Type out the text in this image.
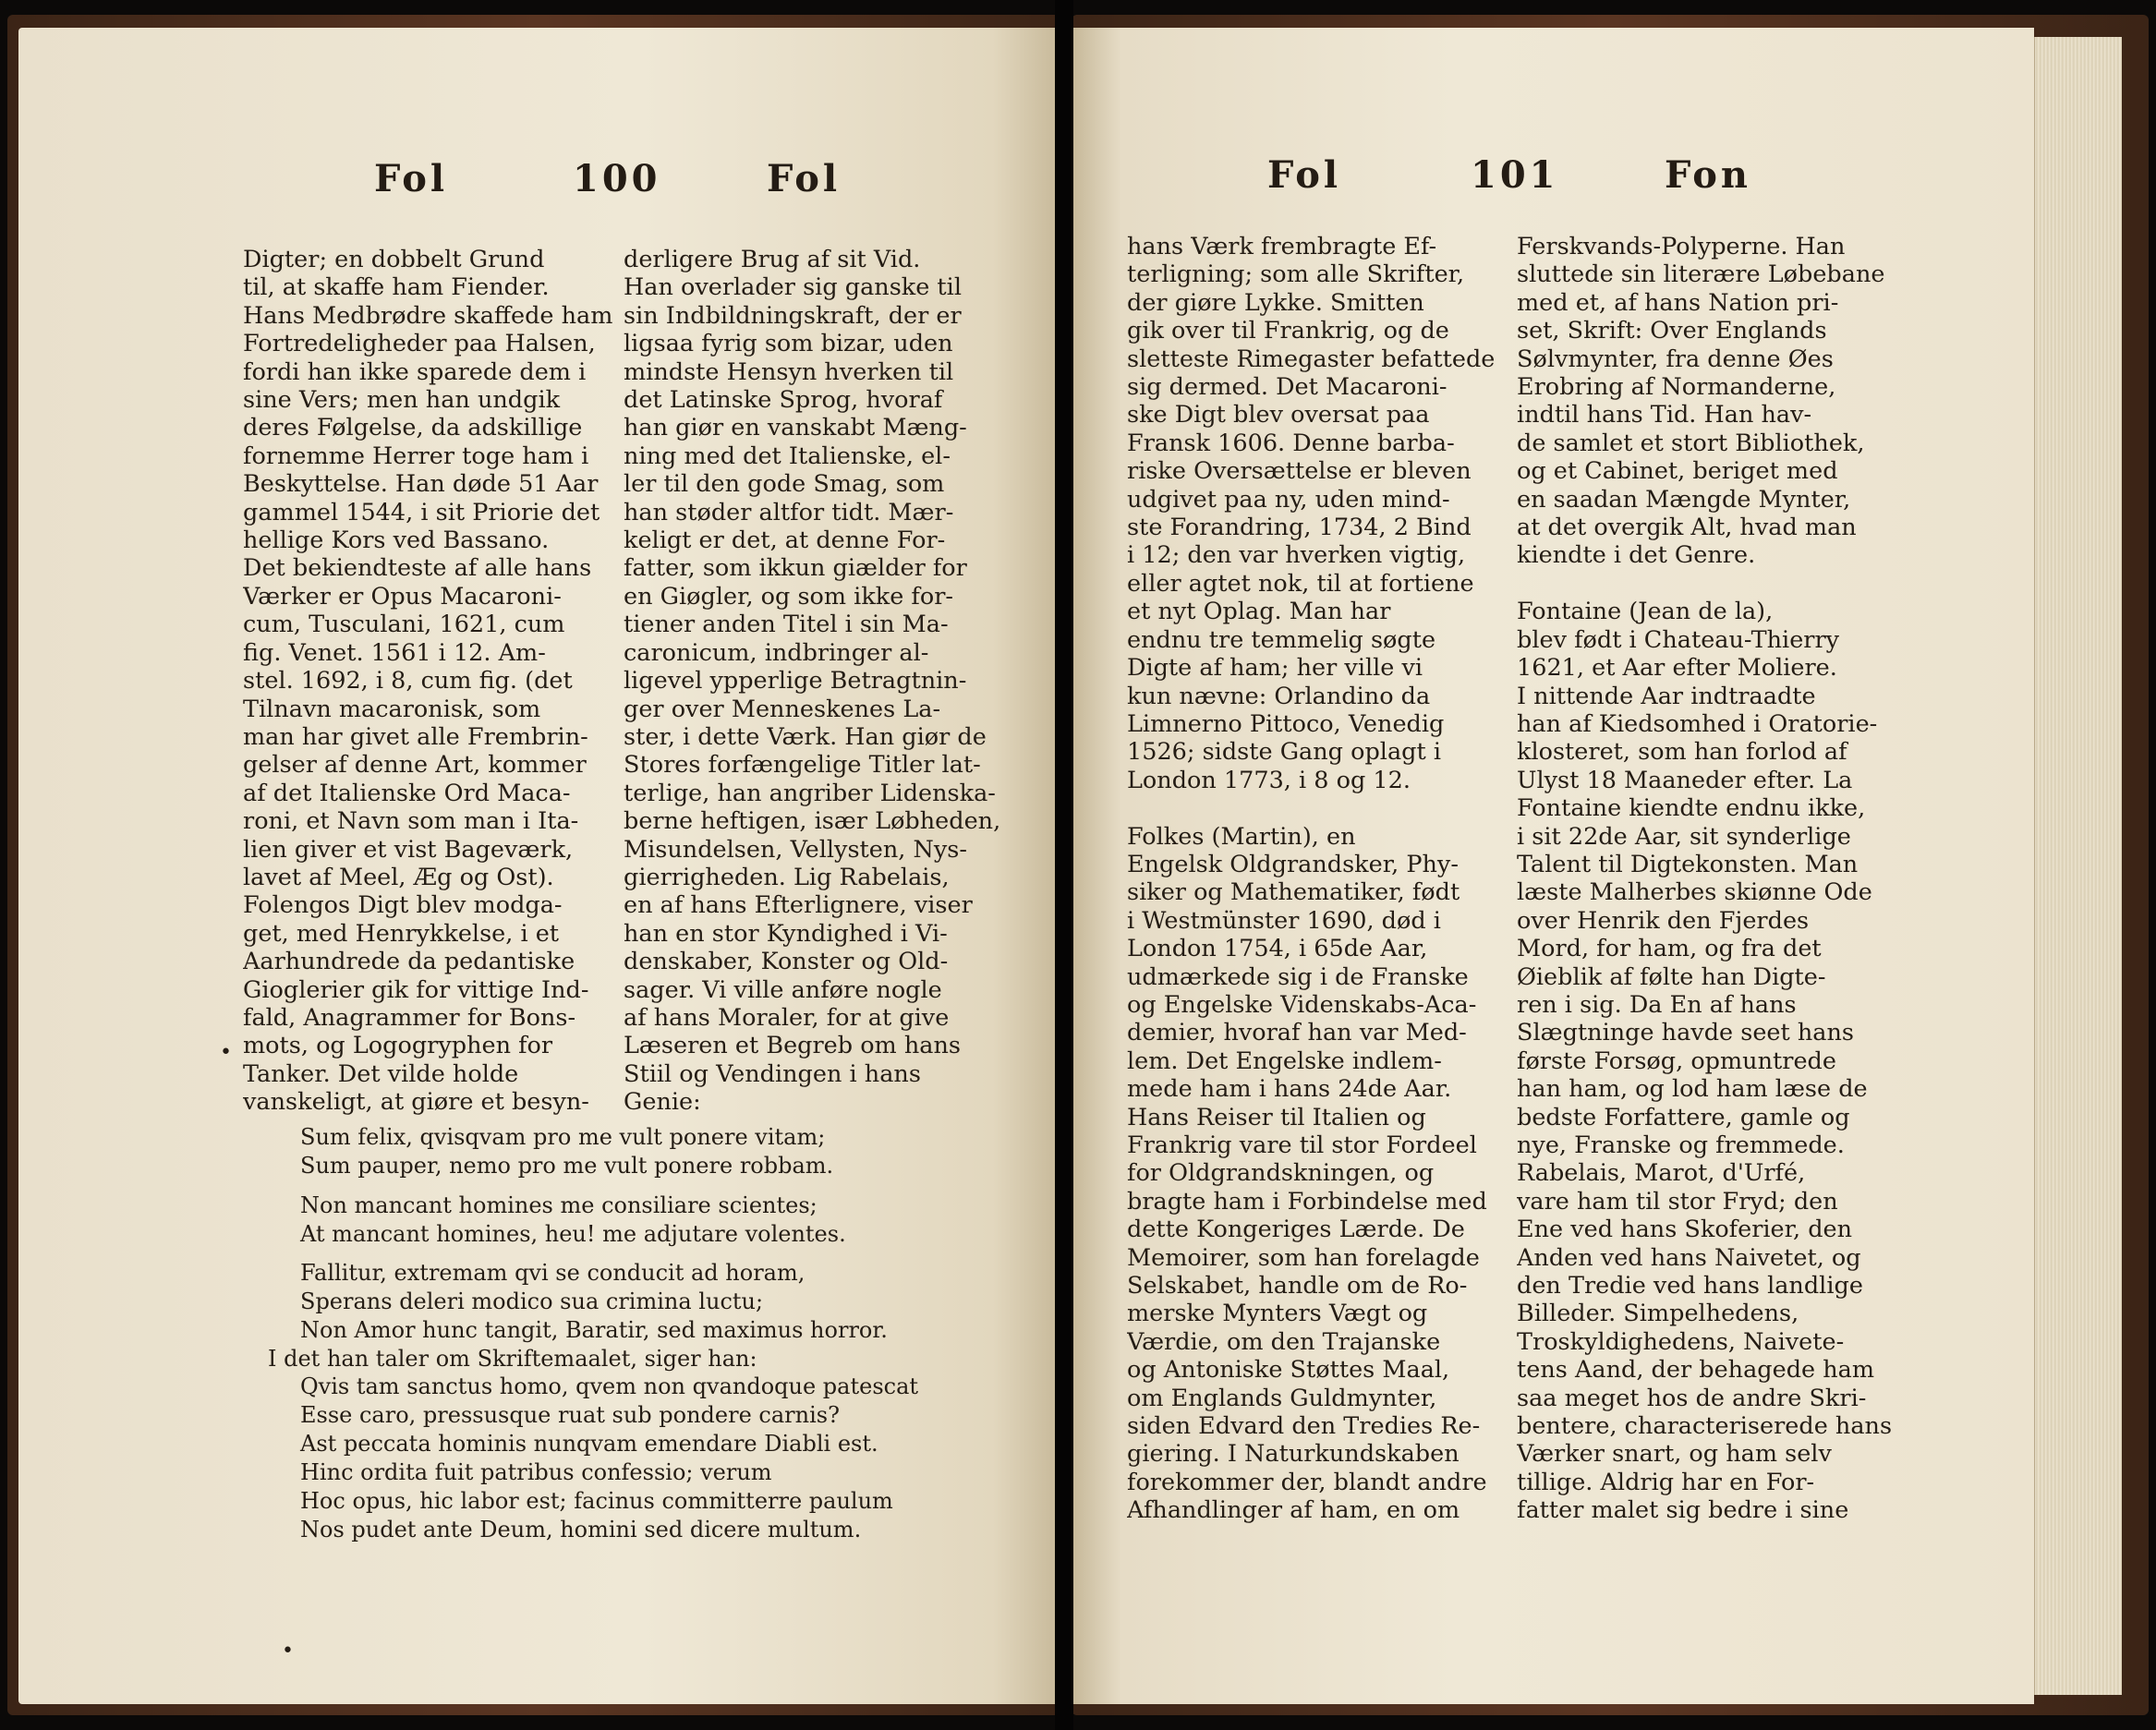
Fol	100	Fol
Digter; en dobbelt Grund
til, at skaffe ham Fiender.
Hans Medbrødre skaffede ham
Fortredeligheder paa Halsen,
fordi han ikke sparede dem i
sine Vers; men han undgik
deres Følgelse, da adskillige
fornemme Herrer toge ham i
Beskyttelse. Han døde 51 Aar
gammel 1544, i sit Priorie det
hellige Kors ved Bassano.
Det bekiendteste af alle hans
Værker er Opus Macaroni-
cum, Tusculani, 1621, cum
fig. Venet. 1561 i 12. Am-
stel. 1692, i 8, cum fig. (det
Tilnavn macaronisk, som
man har givet alle Frembrin-
gelser af denne Art, kommer
af det Italienske Ord Maca-
roni, et Navn som man i Ita-
lien giver et vist Bageværk,
lavet af Meel, Æg og Ost).
Folengos Digt blev modga-
get, med Henrykkelse, i et
Aarhundrede da pedantiske
Gioglerier gik for vittige Ind-
fald, Anagrammer for Bons-
mots, og Logogryphen for
Tanker. Det vilde holde
vanskeligt, at giøre et besyn-
derligere Brug af sit Vid.
Han overlader sig ganske til
sin Indbildningskraft, der er
ligsaa fyrig som bizar, uden
mindste Hensyn hverken til
det Latinske Sprog, hvoraf
han giør en vanskabt Mæng-
ning med det Italienske, el-
ler til den gode Smag, som
han støder altfor tidt. Mær-
keligt er det, at denne For-
fatter, som ikkun giælder for
en Giøgler, og som ikke for-
tiener anden Titel i sin Ma-
caronicum, indbringer al-
ligevel ypperlige Betragtnin-
ger over Menneskenes La-
ster, i dette Værk. Han giør de
Stores forfængelige Titler lat-
terlige, han angriber Lidenska-
berne heftigen, især Løbheden,
Misundelsen, Vellysten, Nys-
gierrigheden. Lig Rabelais,
en af hans Efterlignere, viser
han en stor Kyndighed i Vi-
denskaber, Konster og Old-
sager. Vi ville anføre nogle
af hans Moraler, for at give
Læseren et Begreb om hans
Stiil og Vendingen i hans
Genie:
•
Sum felix, qvisqvam pro me vult ponere vitam;
Sum pauper, nemo pro me vult ponere robbam.
Non mancant homines me consiliare scientes;
At mancant homines, heu! me adjutare volentes.
Fallitur, extremam qvi se conducit ad horam,
Sperans deleri modico sua crimina luctu;
Non Amor hunc tangit, Baratir, sed maximus horror.
I det han taler om Skriftemaalet, siger han:
Qvis tam sanctus homo, qvem non qvandoque patescat
Esse caro, pressusque ruat sub pondere carnis?
Ast peccata hominis nunqvam emendare Diabli est.
Hinc ordita fuit patribus confessio; verum
Hoc opus, hic labor est; facinus committerre paulum
Nos pudet ante Deum, homini sed dicere multum.
•
Fol	101	Fon
hans Værk frembragte Ef-
terligning; som alle Skrifter,
der giøre Lykke. Smitten
gik over til Frankrig, og de
sletteste Rimegaster befattede
sig dermed. Det Macaroni-
ske Digt blev oversat paa
Fransk 1606. Denne barba-
riske Oversættelse er bleven
udgivet paa ny, uden mind-
ste Forandring, 1734, 2 Bind
i 12; den var hverken vigtig,
eller agtet nok, til at fortiene
et nyt Oplag. Man har
endnu tre temmelig søgte
Digte af ham; her ville vi
kun nævne: Orlandino da
Limnerno Pittoco, Venedig
1526; sidste Gang oplagt i
London 1773, i 8 og 12.

Folkes (Martin), en
Engelsk Oldgrandsker, Phy-
siker og Mathematiker, født
i Westmünster 1690, død i
London 1754, i 65de Aar,
udmærkede sig i de Franske
og Engelske Videnskabs-Aca-
demier, hvoraf han var Med-
lem. Det Engelske indlem-
mede ham i hans 24de Aar.
Hans Reiser til Italien og
Frankrig vare til stor Fordeel
for Oldgrandskningen, og
bragte ham i Forbindelse med
dette Kongeriges Lærde. De
Memoirer, som han forelagde
Selskabet, handle om de Ro-
merske Mynters Vægt og
Værdie, om den Trajanske
og Antoniske Støttes Maal,
om Englands Guldmynter,
siden Edvard den Tredies Re-
giering. I Naturkundskaben
forekommer der, blandt andre
Afhandlinger af ham, en om
Ferskvands-Polyperne. Han
sluttede sin literære Løbebane
med et, af hans Nation pri-
set, Skrift: Over Englands
Sølvmynter, fra denne Øes
Erobring af Normanderne,
indtil hans Tid. Han hav-
de samlet et stort Bibliothek,
og et Cabinet, beriget med
en saadan Mængde Mynter,
at det overgik Alt, hvad man
kiendte i det Genre.

Fontaine (Jean de la),
blev født i Chateau-Thierry
1621, et Aar efter Moliere.
I nittende Aar indtraadte
han af Kiedsomhed i Oratorie-
klosteret, som han forlod af
Ulyst 18 Maaneder efter. La
Fontaine kiendte endnu ikke,
i sit 22de Aar, sit synderlige
Talent til Digtekonsten. Man
læste Malherbes skiønne Ode
over Henrik den Fjerdes
Mord, for ham, og fra det
Øieblik af følte han Digte-
ren i sig. Da En af hans
Slægtninge havde seet hans
første Forsøg, opmuntrede
han ham, og lod ham læse de
bedste Forfattere, gamle og
nye, Franske og fremmede.
Rabelais, Marot, d'Urfé,
vare ham til stor Fryd; den
Ene ved hans Skoferier, den
Anden ved hans Naivetet, og
den Tredie ved hans landlige
Billeder. Simpelhedens,
Troskyldighedens, Naivete-
tens Aand, der behagede ham
saa meget hos de andre Skri-
bentere, characteriserede hans
Værker snart, og ham selv
tillige. Aldrig har en For-
fatter malet sig bedre i sine
